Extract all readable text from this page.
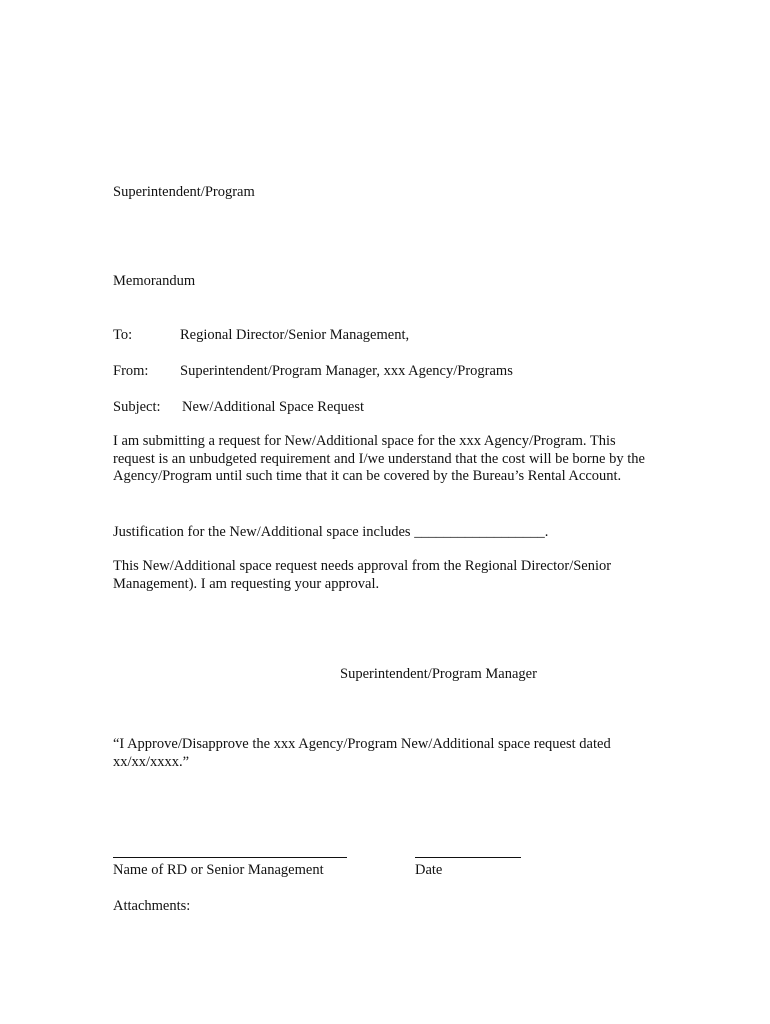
Superintendent/Program
Memorandum
To:	Regional Director/Senior Management,
From: Superintendent/Program Manager, xxx Agency/Programs
Subject: New/Additional Space Request
I am submitting a request for New/Additional space for the xxx Agency/Program. This request is an unbudgeted requirement and I/we understand that the cost will be borne by the Agency/Program until such time that it can be covered by the Bureau’s Rental Account.
Justification for the New/Additional space includes __________________.
This New/Additional space request needs approval from the Regional Director/Senior Management). I am requesting your approval.
Superintendent/Program Manager
“I Approve/Disapprove the xxx Agency/Program New/Additional space request dated xx/xx/xxxx.”
Name of RD or Senior Management	Date
Attachments:
